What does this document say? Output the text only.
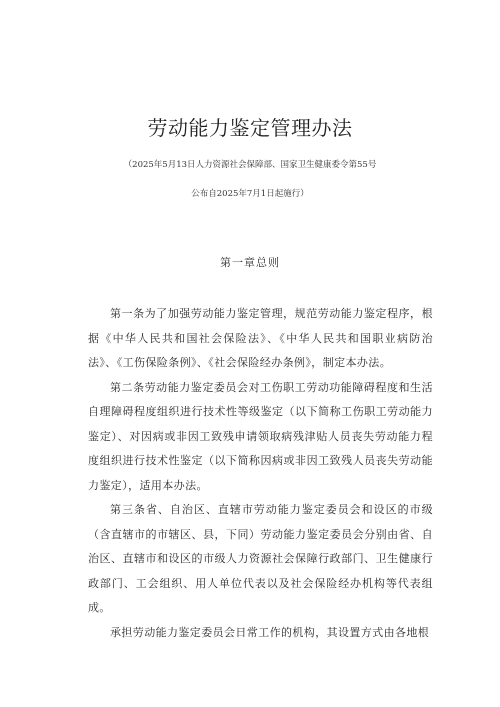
劳动能力鉴定管理办法
（2025年5月13日人力资源社会保障部、国家卫生健康委令第55号
公布自2025年7月1日起施行）
第一章总则

第一条为了加强劳动能力鉴定管理，规范劳动能力鉴定程序，根据《中华人民共和国社会保险法》、《中华人民共和国职业病防治法》、《工伤保险条例》、《社会保险经办条例》，制定本办法。

第二条劳动能力鉴定委员会对工伤职工劳动功能障碍程度和生活自理障碍程度组织进行技术性等级鉴定（以下简称工伤职工劳动能力鉴定）、对因病或非因工致残申请领取病残津贴人员丧失劳动能力程度组织进行技术性鉴定（以下简称因病或非因工致残人员丧失劳动能力鉴定），适用本办法。

第三条省、自治区、直辖市劳动能力鉴定委员会和设区的市级（含直辖市的市辖区、县，下同）劳动能力鉴定委员会分别由省、自治区、直辖市和设区的市级人力资源社会保障行政部门、卫生健康行政部门、工会组织、用人单位代表以及社会保险经办机构等代表组成。

承担劳动能力鉴定委员会日常工作的机构，其设置方式由各地根
